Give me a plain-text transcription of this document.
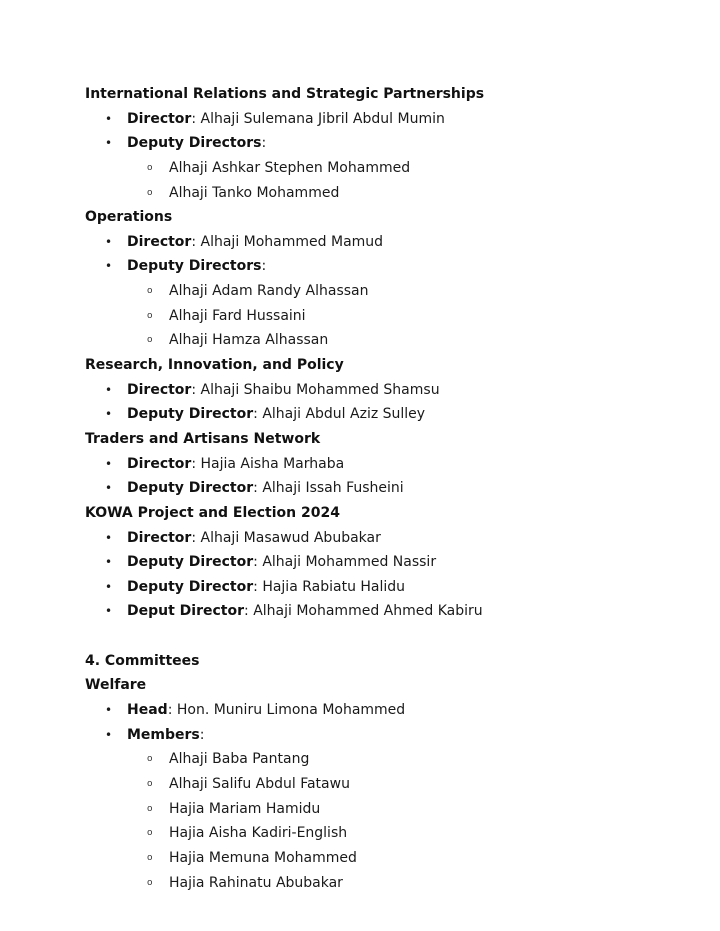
International Relations and Strategic Partnerships
• Director: Alhaji Sulemana Jibril Abdul Mumin
• Deputy Directors:
o Alhaji Ashkar Stephen Mohammed
o Alhaji Tanko Mohammed
Operations
• Director: Alhaji Mohammed Mamud
• Deputy Directors:
o Alhaji Adam Randy Alhassan
o Alhaji Fard Hussaini
o Alhaji Hamza Alhassan
Research, Innovation, and Policy
• Director: Alhaji Shaibu Mohammed Shamsu
• Deputy Director: Alhaji Abdul Aziz Sulley
Traders and Artisans Network
• Director: Hajia Aisha Marhaba
• Deputy Director: Alhaji Issah Fusheini
KOWA Project and Election 2024
• Director: Alhaji Masawud Abubakar
• Deputy Director: Alhaji Mohammed Nassir
• Deputy Director: Hajia Rabiatu Halidu
• Deput Director: Alhaji Mohammed Ahmed Kabiru
4. Committees
Welfare
• Head: Hon. Muniru Limona Mohammed
• Members:
o Alhaji Baba Pantang
o Alhaji Salifu Abdul Fatawu
o Hajia Mariam Hamidu
o Hajia Aisha Kadiri-English
o Hajia Memuna Mohammed
o Hajia Rahinatu Abubakar
